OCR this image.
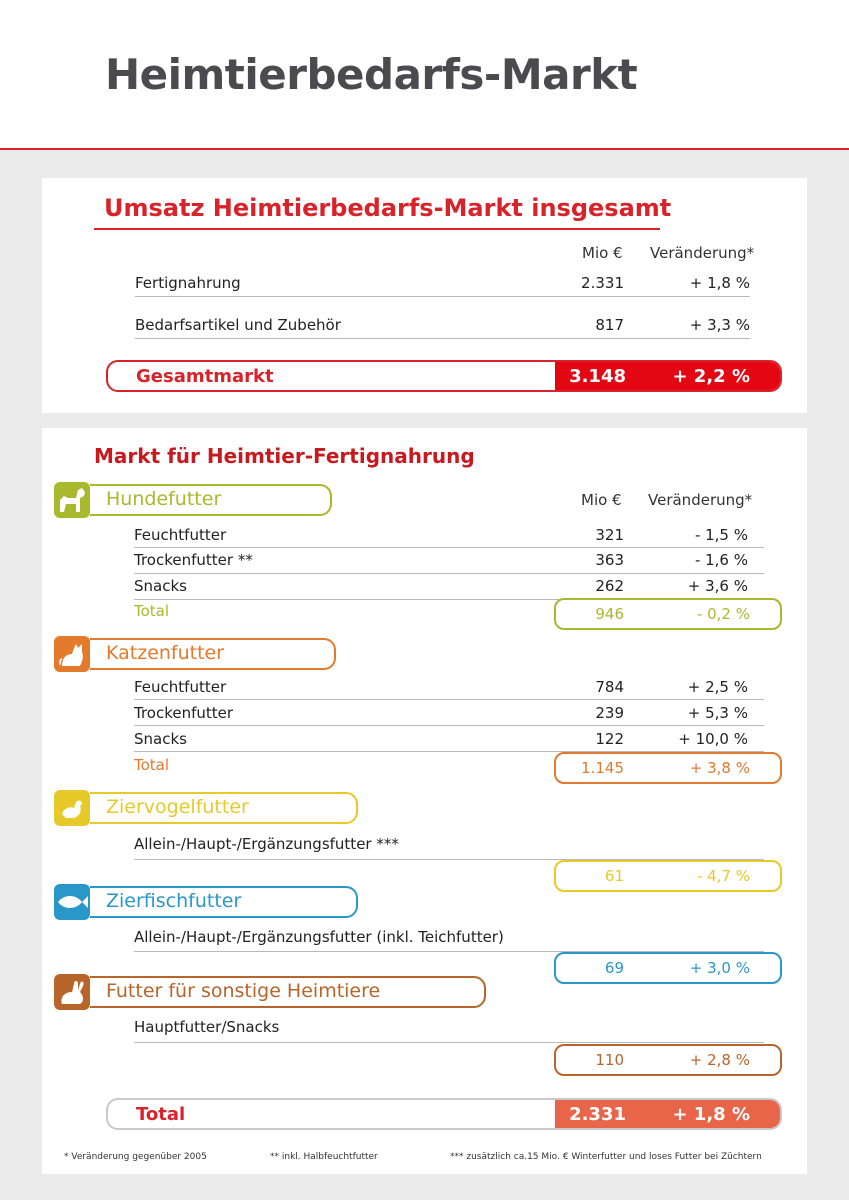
Heimtierbedarfs-Markt
Umsatz Heimtierbedarfs-Markt insgesamt
Mio € Veränderung*
Fertignahrung	2.331	+ 1,8 %
Bedarfsartikel und Zubehör	817	+ 3,3 %
Gesamtmarkt	3.148	+ 2,2 %
Markt für Heimtier-Fertignahrung
Hundefutter	Mio € Veränderung*
Feuchtfutter	321	- 1,5 %
Trockenfutter **	363	- 1,6 %
Snacks	262	+ 3,6 %
Total	946	- 0,2 %
Katzenfutter
Feuchtfutter	784	+ 2,5 %
Trockenfutter	239	+ 5,3 %
Snacks	122	+ 10,0 %
Total	1.145	+ 3,8 %
Ziervogelfutter
Allein-/Haupt-/Ergänzungsfutter ***
61	- 4,7 %
Zierfischfutter
Allein-/Haupt-/Ergänzungsfutter (inkl. Teichfutter)
69	+ 3,0 %
Futter für sonstige Heimtiere
Hauptfutter/Snacks
110	+ 2,8 %
Total	2.331	+ 1,8 %
* Veränderung gegenüber 2005	** inkl. Halbfeuchtfutter	*** zusätzlich ca.15 Mio. € Winterfutter und loses Futter bei Züchtern
